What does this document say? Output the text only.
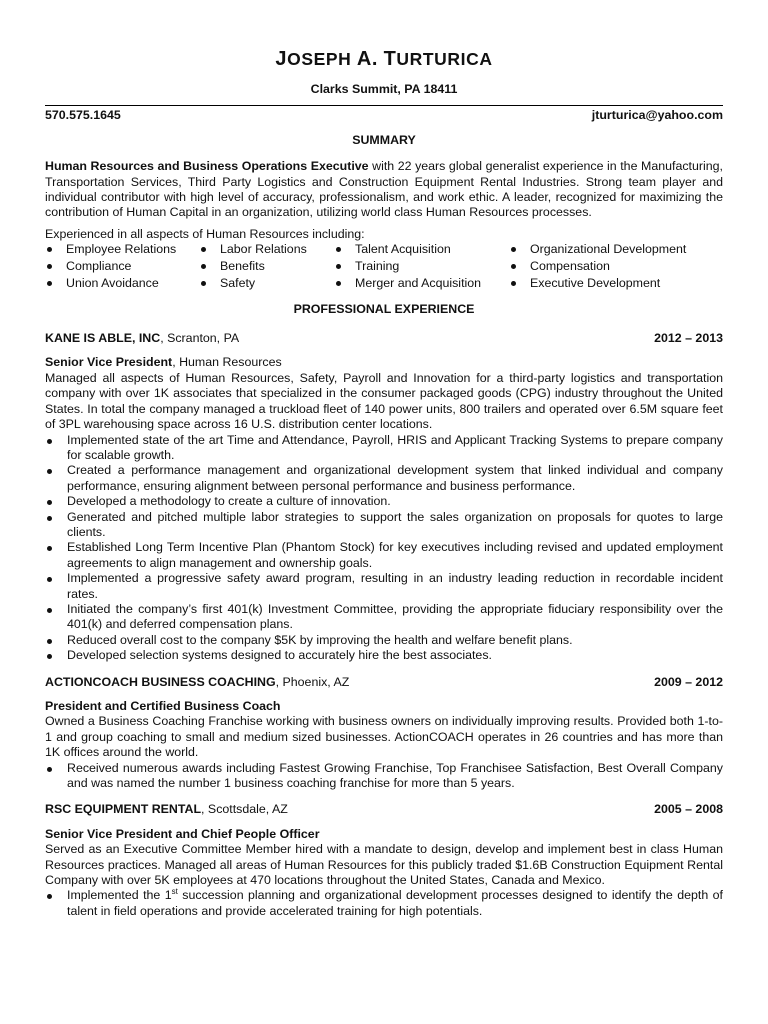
JOSEPH A. TURTURICA
Clarks Summit, PA 18411
570.575.1645	jturturica@yahoo.com
SUMMARY

Human Resources and Business Operations Executive with 22 years global generalist experience in the Manufacturing, Transportation Services, Third Party Logistics and Construction Equipment Rental Industries. Strong team player and individual contributor with high level of accuracy, professionalism, and work ethic. A leader, recognized for maximizing the contribution of Human Capital in an organization, utilizing world class Human Resources processes.

Experienced in all aspects of Human Resources including:
Employee Relations	Labor Relations	Talent Acquisition	Organizational Development
Compliance	Benefits	Training	Compensation
Union Avoidance	Safety	Merger and Acquisition	Executive Development
PROFESSIONAL EXPERIENCE
KANE IS ABLE, INC, Scranton, PA	2012 – 2013
Senior Vice President, Human Resources

Managed all aspects of Human Resources, Safety, Payroll and Innovation for a third-party logistics and transportation company with over 1K associates that specialized in the consumer packaged goods (CPG) industry throughout the United States. In total the company managed a truckload fleet of 140 power units, 800 trailers and operated over 6.5M square feet of 3PL warehousing space across 16 U.S. distribution center locations.

Implemented state of the art Time and Attendance, Payroll, HRIS and Applicant Tracking Systems to prepare company for scalable growth.
Created a performance management and organizational development system that linked individual and company performance, ensuring alignment between personal performance and business performance.
Developed a methodology to create a culture of innovation.
Generated and pitched multiple labor strategies to support the sales organization on proposals for quotes to large clients.
Established Long Term Incentive Plan (Phantom Stock) for key executives including revised and updated employment agreements to align management and ownership goals.
Implemented a progressive safety award program, resulting in an industry leading reduction in recordable incident rates.
Initiated the company’s first 401(k) Investment Committee, providing the appropriate fiduciary responsibility over the 401(k) and deferred compensation plans.
Reduced overall cost to the company $5K by improving the health and welfare benefit plans.
Developed selection systems designed to accurately hire the best associates.
ACTIONCOACH BUSINESS COACHING, Phoenix, AZ	2009 – 2012
President and Certified Business Coach

Owned a Business Coaching Franchise working with business owners on individually improving results. Provided both 1-to-1 and group coaching to small and medium sized businesses. ActionCOACH operates in 26 countries and has more than 1K offices around the world.

Received numerous awards including Fastest Growing Franchise, Top Franchisee Satisfaction, Best Overall Company and was named the number 1 business coaching franchise for more than 5 years.
RSC EQUIPMENT RENTAL, Scottsdale, AZ	2005 – 2008
Senior Vice President and Chief People Officer

Served as an Executive Committee Member hired with a mandate to design, develop and implement best in class Human Resources practices. Managed all areas of Human Resources for this publicly traded $1.6B Construction Equipment Rental Company with over 5K employees at 470 locations throughout the United States, Canada and Mexico.

Implemented the 1st succession planning and organizational development processes designed to identify the depth of talent in field operations and provide accelerated training for high potentials.
